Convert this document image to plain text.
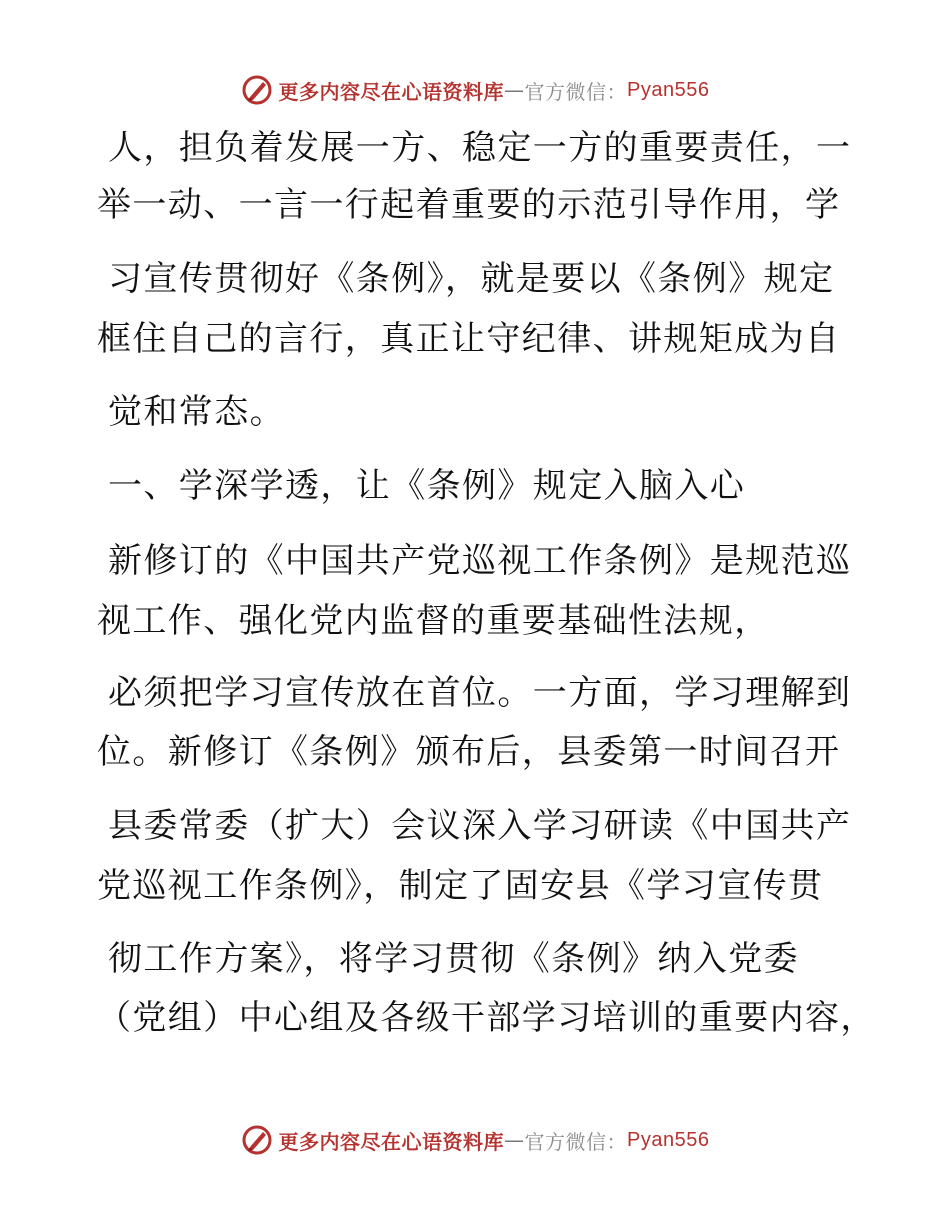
更多内容尽在心语资料库 — 官方微信： Pyan556
人，担负着发展一方、稳定一方的重要责任，一
举一动、一言一行起着重要的示范引导作用，学
习宣传贯彻好《条例》，就是要以《条例》规定
框住自己的言行，真正让守纪律、讲规矩成为自
觉和常态。
一、学深学透，让《条例》规定入脑入心
新修订的《中国共产党巡视工作条例》是规范巡
视工作、强化党内监督的重要基础性法规，
必须把学习宣传放在首位。一方面，学习理解到
位。新修订《条例》颁布后，县委第一时间召开
县委常委（扩大）会议深入学习研读《中国共产
党巡视工作条例》，制定了固安县《学习宣传贯
彻工作方案》，将学习贯彻《条例》纳入党委
（党组）中心组及各级干部学习培训的重要内容，
更多内容尽在心语资料库 — 官方微信： Pyan556
